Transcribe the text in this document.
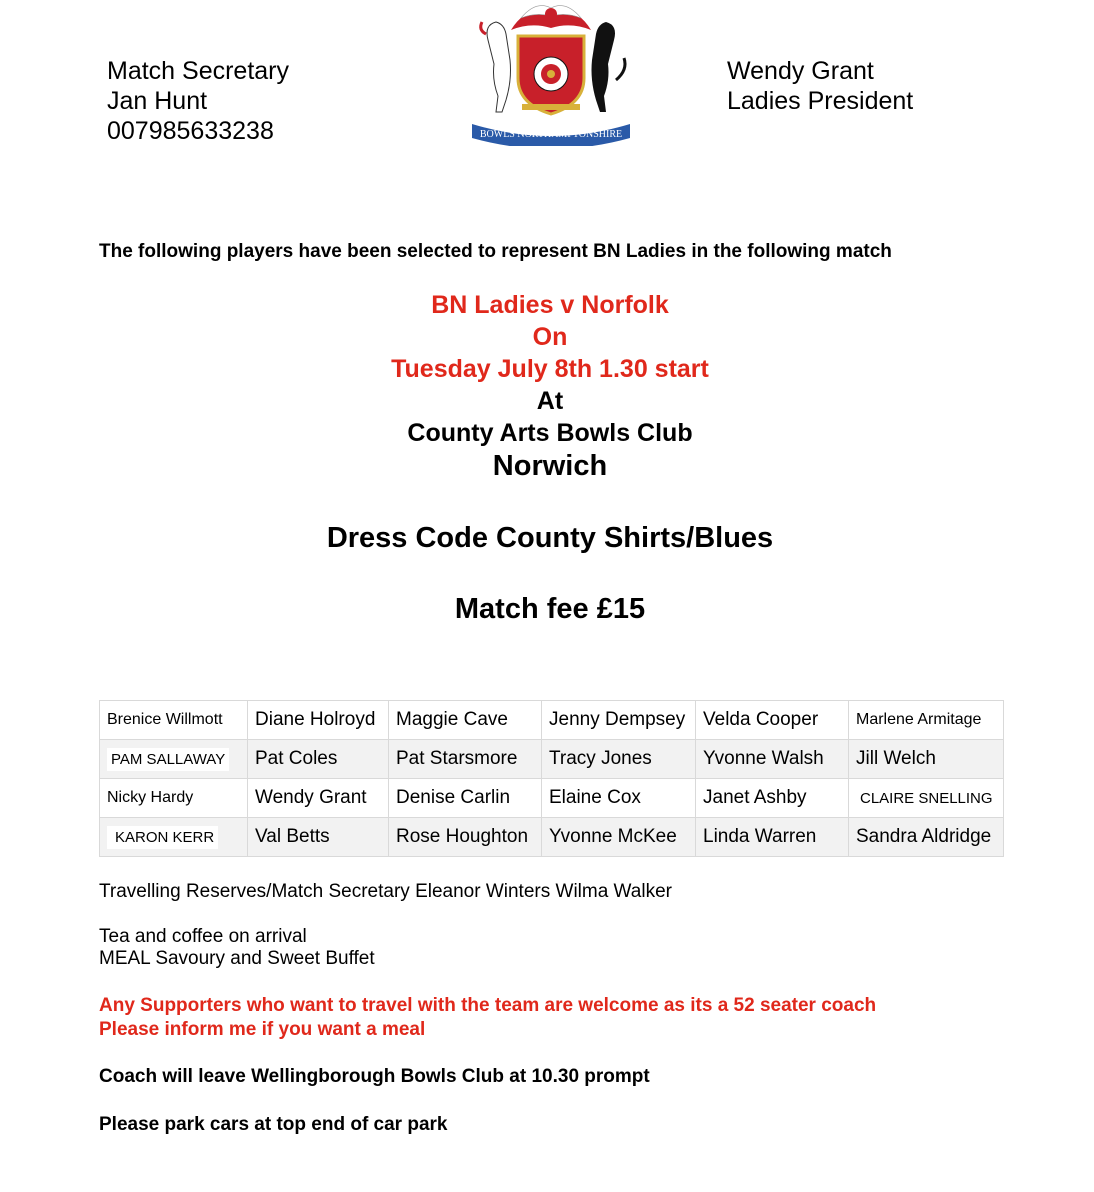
Match Secretary
Jan Hunt
007985633238	BOWLS NORTHAMPTONSHIRE
Wendy Grant
Ladies President
The following players have been selected to represent BN Ladies in the following match
BN Ladies v Norfolk
On
Tuesday July 8th 1.30 start
At
County Arts Bowls Club
Norwich
Dress Code County Shirts/Blues
Match fee £15
Brenice Willmott	Diane Holroyd	Maggie Cave	Jenny Dempsey	Velda Cooper	Marlene Armitage
PAM SALLAWAY	Pat Coles	Pat Starsmore	Tracy Jones	Yvonne Walsh	Jill Welch
Nicky Hardy	Wendy Grant	Denise Carlin	Elaine Cox	Janet Ashby	CLAIRE SNELLING
KARON KERR	Val Betts	Rose Houghton	Yvonne McKee	Linda Warren	Sandra Aldridge
Travelling Reserves/Match Secretary Eleanor Winters Wilma Walker
Tea and coffee on arrival
MEAL Savoury and Sweet Buffet
Any Supporters who want to travel with the team are welcome as its a 52 seater coach
Please inform me if you want a meal
Coach will leave Wellingborough Bowls Club at 10.30 prompt
Please park cars at top end of car park
